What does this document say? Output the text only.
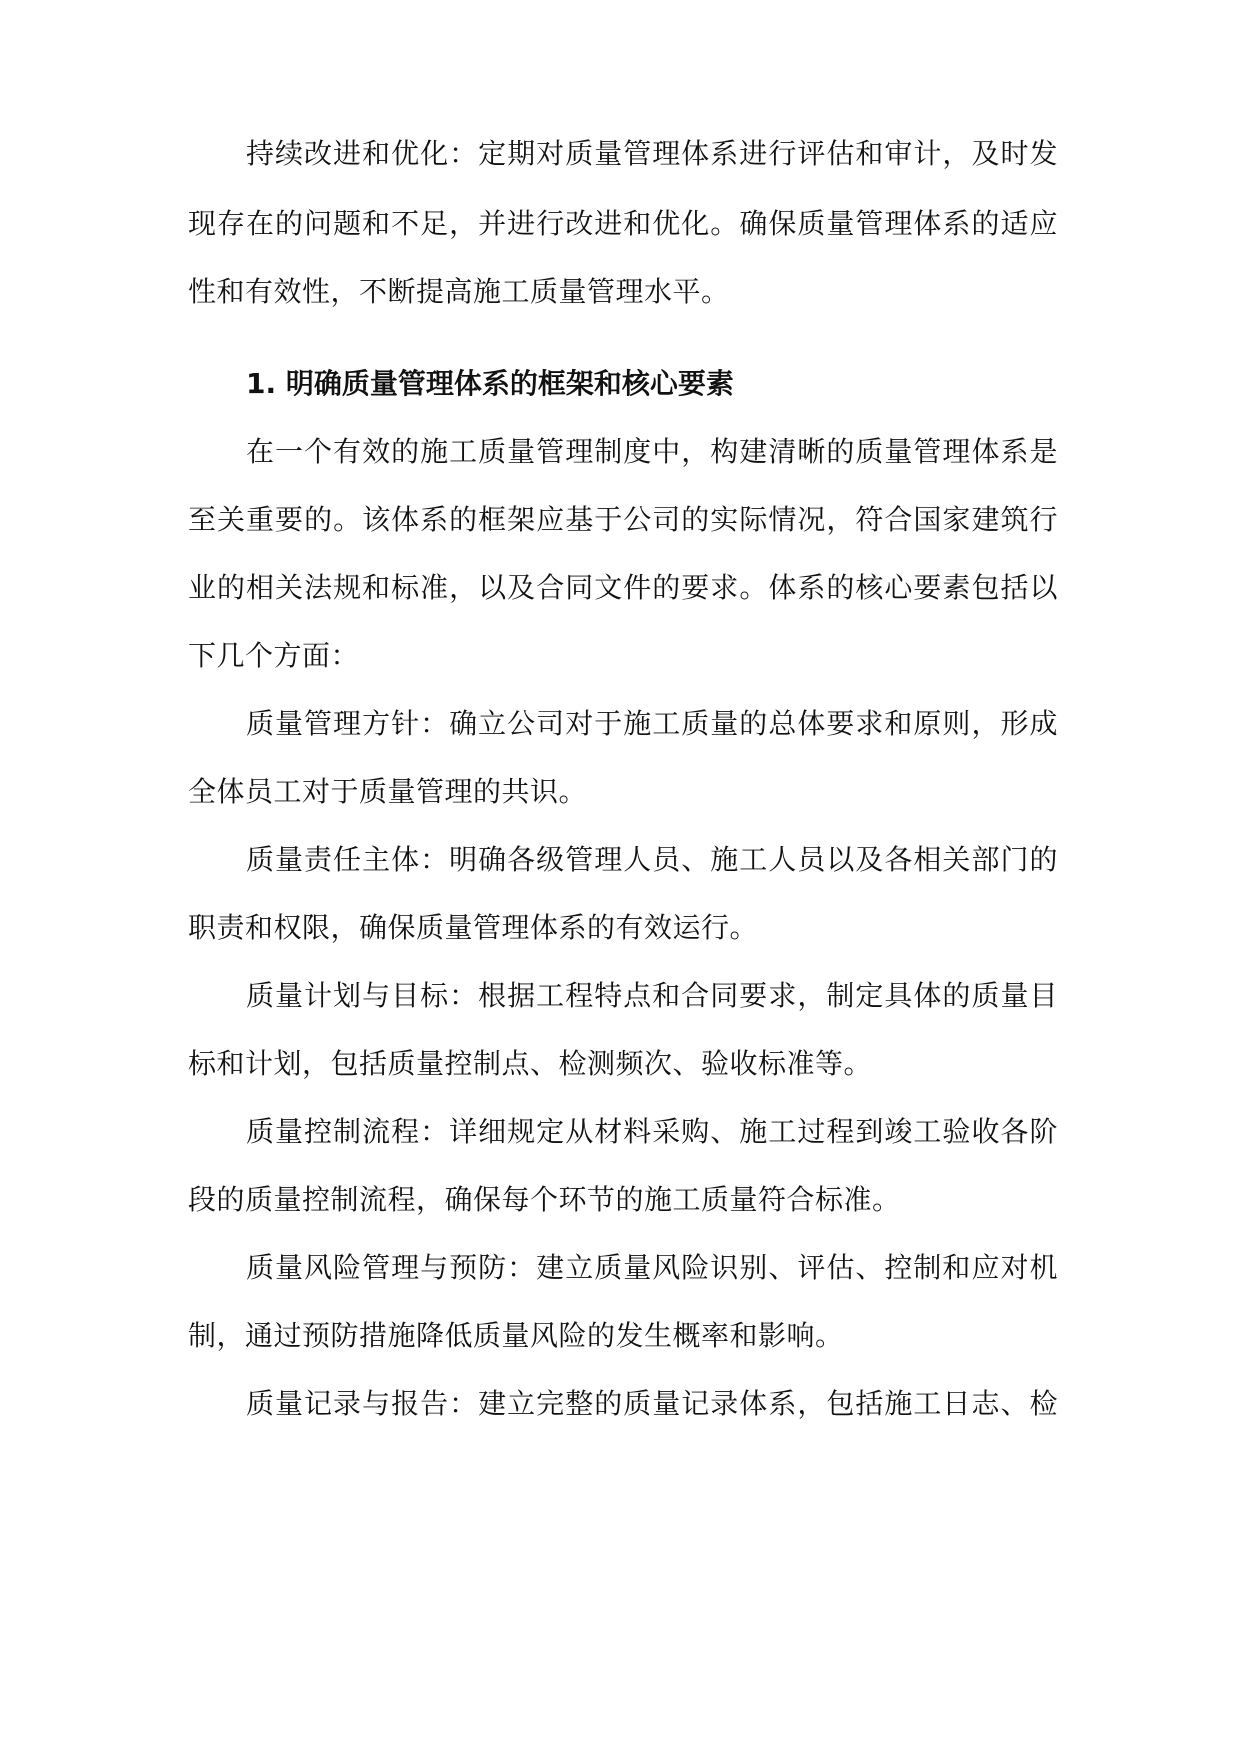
持续改进和优化：定期对质量管理体系进行评估和审计，及时发
现存在的问题和不足，并进行改进和优化。确保质量管理体系的适应
性和有效性，不断提高施工质量管理水平。
1. 明确质量管理体系的框架和核心要素
在一个有效的施工质量管理制度中，构建清晰的质量管理体系是
至关重要的。该体系的框架应基于公司的实际情况，符合国家建筑行
业的相关法规和标准，以及合同文件的要求。体系的核心要素包括以
下几个方面：
质量管理方针：确立公司对于施工质量的总体要求和原则，形成
全体员工对于质量管理的共识。
质量责任主体：明确各级管理人员、施工人员以及各相关部门的
职责和权限，确保质量管理体系的有效运行。
质量计划与目标：根据工程特点和合同要求，制定具体的质量目
标和计划，包括质量控制点、检测频次、验收标准等。
质量控制流程：详细规定从材料采购、施工过程到竣工验收各阶
段的质量控制流程，确保每个环节的施工质量符合标准。
质量风险管理与预防：建立质量风险识别、评估、控制和应对机
制，通过预防措施降低质量风险的发生概率和影响。
质量记录与报告：建立完整的质量记录体系，包括施工日志、检
